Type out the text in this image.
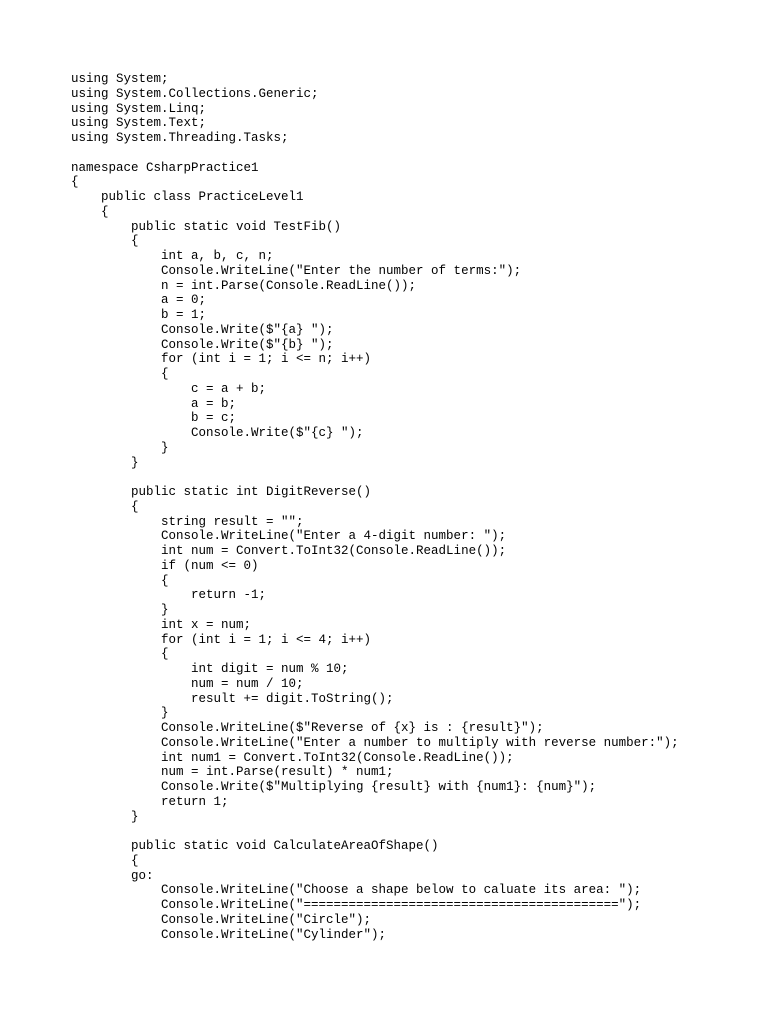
using System;
using System.Collections.Generic;
using System.Linq;
using System.Text;
using System.Threading.Tasks;
namespace CsharpPractice1
{
public class PracticeLevel1
{
public static void TestFib()
{
int a, b, c, n;
Console.WriteLine("Enter the number of terms:");
n = int.Parse(Console.ReadLine());
a = 0;
b = 1;
Console.Write($"{a} ");
Console.Write($"{b} ");
for (int i = 1; i <= n; i++)
{
c = a + b;
a = b;
b = c;
Console.Write($"{c} ");
}
}
public static int DigitReverse()
{
string result = "";
Console.WriteLine("Enter a 4-digit number: ");
int num = Convert.ToInt32(Console.ReadLine());
if (num <= 0)
{
return -1;
}
int x = num;
for (int i = 1; i <= 4; i++)
{
int digit = num % 10;
num = num / 10;
result += digit.ToString();
}
Console.WriteLine($"Reverse of {x} is : {result}");
Console.WriteLine("Enter a number to multiply with reverse number:");
int num1 = Convert.ToInt32(Console.ReadLine());
num = int.Parse(result) * num1;
Console.Write($"Multiplying {result} with {num1}: {num}");
return 1;
}
public static void CalculateAreaOfShape()
{
go:
Console.WriteLine("Choose a shape below to caluate its area: ");
Console.WriteLine("==========================================");
Console.WriteLine("Circle");
Console.WriteLine("Cylinder");
